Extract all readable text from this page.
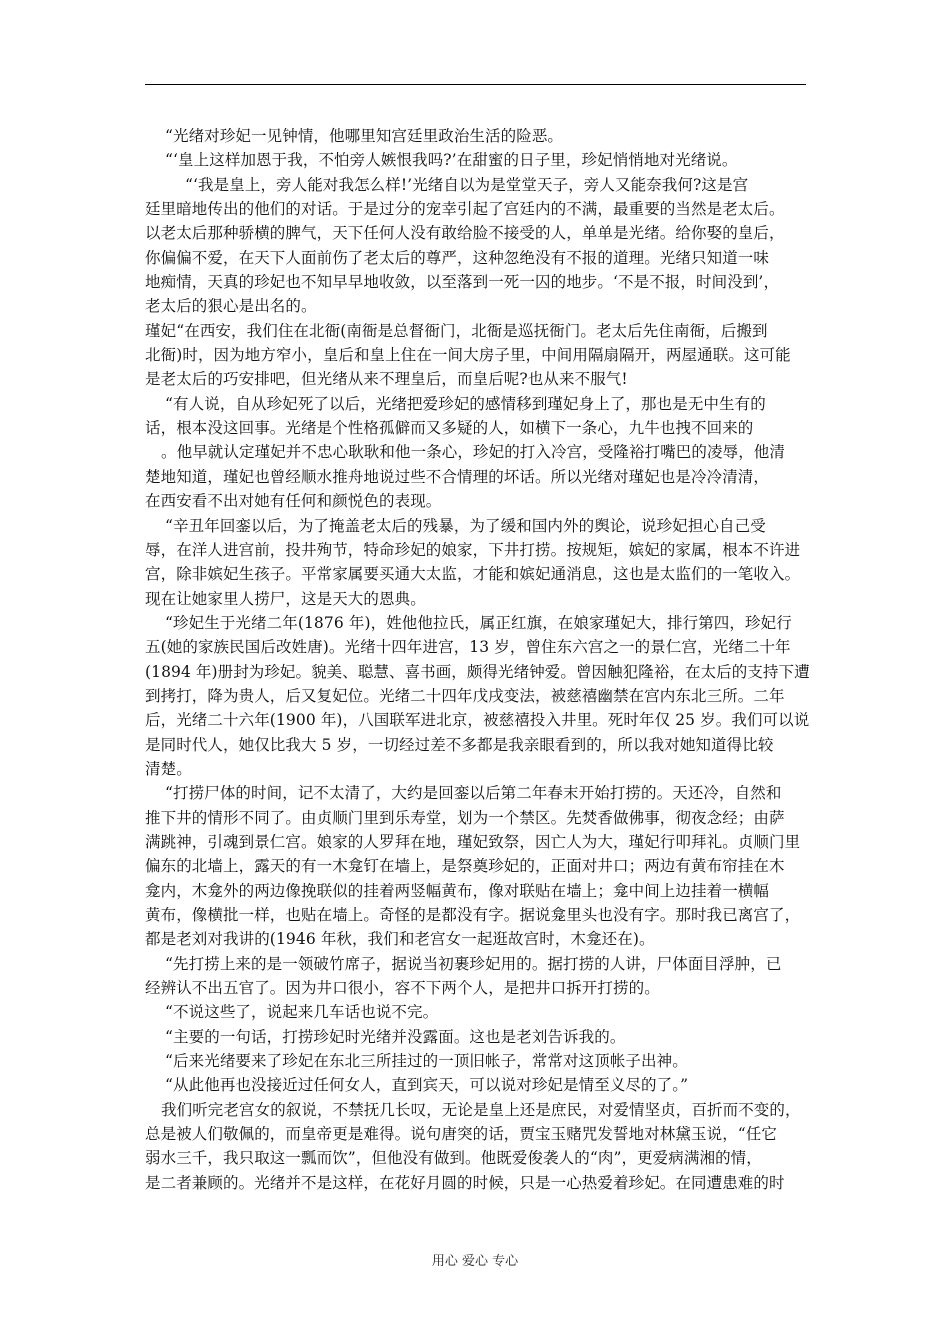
“光绪对珍妃一见钟情，他哪里知宫廷里政治生活的险恶。
“‘皇上这样加恩于我，不怕旁人嫉恨我吗?’在甜蜜的日子里，珍妃悄悄地对光绪说。
“‘我是皇上，旁人能对我怎么样!’光绪自以为是堂堂天子，旁人又能奈我何?这是宫
廷里暗地传出的他们的对话。于是过分的宠幸引起了宫廷内的不满，最重要的当然是老太后。
以老太后那种骄横的脾气，天下任何人没有敢给脸不接受的人，单单是光绪。给你娶的皇后，
你偏偏不爱，在天下人面前伤了老太后的尊严，这种忽绝没有不报的道理。光绪只知道一味
地痴情，天真的珍妃也不知早早地收敛，以至落到一死一囚的地步。‘不是不报，时间没到’，
老太后的狠心是出名的。
瑾妃“在西安，我们住在北衙(南衙是总督衙门，北衙是巡抚衙门。老太后先住南衙，后搬到
北衙)时，因为地方窄小，皇后和皇上住在一间大房子里，中间用隔扇隔开，两屋通联。这可能
是老太后的巧安排吧，但光绪从来不理皇后，而皇后呢?也从来不服气!
“有人说，自从珍妃死了以后，光绪把爱珍妃的感情移到瑾妃身上了，那也是无中生有的
话，根本没这回事。光绪是个性格孤僻而又多疑的人，如横下一条心，九牛也拽不回来的
。他早就认定瑾妃并不忠心耿耿和他一条心，珍妃的打入冷宫，受隆裕打嘴巴的凌辱，他清
楚地知道，瑾妃也曾经顺水推舟地说过些不合情理的坏话。所以光绪对瑾妃也是冷冷清清，
在西安看不出对她有任何和颜悦色的表现。
“辛丑年回銮以后，为了掩盖老太后的残暴，为了缓和国内外的舆论，说珍妃担心自己受
辱，在洋人进宫前，投井殉节，特命珍妃的娘家，下井打捞。按规矩，嫔妃的家属，根本不许进
宫，除非嫔妃生孩子。平常家属要买通大太监，才能和嫔妃通消息，这也是太监们的一笔收入。
现在让她家里人捞尸，这是天大的恩典。
“珍妃生于光绪二年(1876 年)，姓他他拉氏，属正红旗，在娘家瑾妃大，排行第四，珍妃行
五(她的家族民国后改姓唐)。光绪十四年进宫，13 岁，曾住东六宫之一的景仁宫，光绪二十年
(1894 年)册封为珍妃。貌美、聪慧、喜书画，颇得光绪钟爱。曾因触犯隆裕，在太后的支持下遭
到拷打，降为贵人，后又复妃位。光绪二十四年戊戌变法，被慈禧幽禁在宫内东北三所。二年
后，光绪二十六年(1900 年)，八国联军进北京，被慈禧投入井里。死时年仅 25 岁。我们可以说
是同时代人，她仅比我大 5 岁，一切经过差不多都是我亲眼看到的，所以我对她知道得比较
清楚。
“打捞尸体的时间，记不太清了，大约是回銮以后第二年春末开始打捞的。天还冷，自然和
推下井的情形不同了。由贞顺门里到乐寿堂，划为一个禁区。先焚香做佛事，彻夜念经；由萨
满跳神，引魂到景仁宫。娘家的人罗拜在地，瑾妃致祭，因亡人为大，瑾妃行叩拜礼。贞顺门里
偏东的北墙上，露天的有一木龛钉在墙上，是祭奠珍妃的，正面对井口；两边有黄布帘挂在木
龛内，木龛外的两边像挽联似的挂着两竖幅黄布，像对联贴在墙上；龛中间上边挂着一横幅
黄布，像横批一样，也贴在墙上。奇怪的是都没有字。据说龛里头也没有字。那时我已离宫了，
都是老刘对我讲的(1946 年秋，我们和老宫女一起逛故宫时，木龛还在)。
“先打捞上来的是一领破竹席子，据说当初裹珍妃用的。据打捞的人讲，尸体面目浮肿，已
经辨认不出五官了。因为井口很小，容不下两个人，是把井口拆开打捞的。
“不说这些了，说起来几车话也说不完。
“主要的一句话，打捞珍妃时光绪并没露面。这也是老刘告诉我的。
“后来光绪要来了珍妃在东北三所挂过的一顶旧帐子，常常对这顶帐子出神。
“从此他再也没接近过任何女人，直到宾天，可以说对珍妃是情至义尽的了。”
我们听完老宫女的叙说，不禁抚几长叹，无论是皇上还是庶民，对爱情坚贞，百折而不变的，
总是被人们敬佩的，而皇帝更是难得。说句唐突的话，贾宝玉赌咒发誓地对林黛玉说，“任它
弱水三千，我只取这一瓢而饮”，但他没有做到。他既爱俊袭人的“肉”，更爱病满湘的情，
是二者兼顾的。光绪并不是这样，在花好月圆的时候，只是一心热爱着珍妃。在同遭患难的时
用心 爱心 专心
